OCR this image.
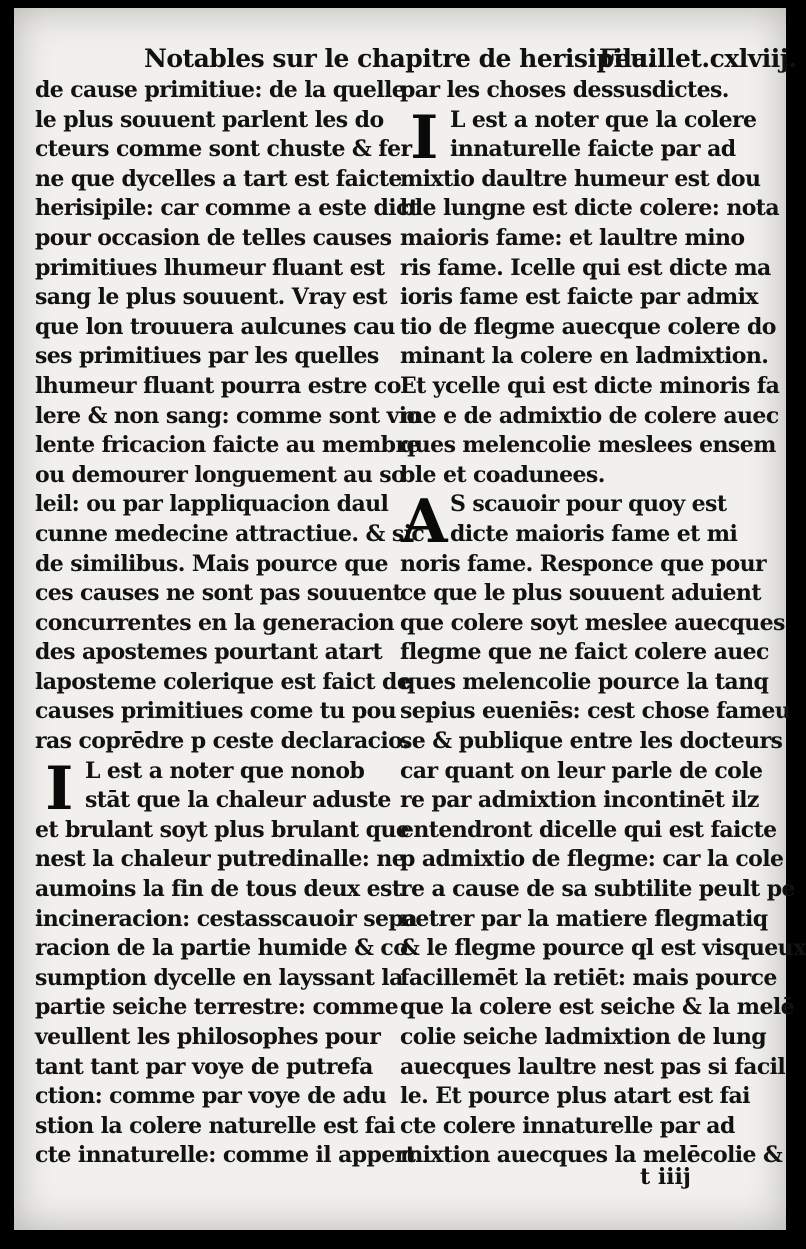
Notables sur le chapitre de herisipila.
Feuillet.cxlviij.
de cause primitiue: de la quelle
le plus souuent parlent les do
cteurs comme sont chuste & fer
ne que dycelles a tart est faicte
herisipile: car comme a este dict
pour occasion de telles causes
primitiues lhumeur fluant est
sang le plus souuent. Vray est
que lon trouuera aulcunes cau
ses primitiues par les quelles
lhumeur fluant pourra estre co
lere & non sang: comme sont vio
lente fricacion faicte au membre
ou demourer longuement au so
leil: ou par lappliquacion daul
cunne medecine attractiue. & sic
de similibus. Mais pource que
ces causes ne sont pas souuent
concurrentes en la generacion
des apostemes pourtant atart
laposteme colerique est faict de
causes primitiues come tu pou
ras coprēdre p ceste declaracio.
L est a noter que nonob
I stāt que la chaleur aduste
et brulant soyt plus brulant que
nest la chaleur putredinalle: ne
aumoins la fin de tous deux est
incineracion: cestasscauoir sepa
racion de la partie humide & co
sumption dycelle en layssant la
partie seiche terrestre: comme
veullent les philosophes pour
tant tant par voye de putrefa
ction: comme par voye de adu
stion la colere naturelle est fai
cte innaturelle: comme il appert
par les choses dessusdictes.
L est a noter que la colere
I innaturelle faicte par ad
mixtio daultre humeur est dou
ble lungne est dicte colere: nota
maioris fame: et laultre mino
ris fame. Icelle qui est dicte ma
ioris fame est faicte par admix
tio de flegme auecque colere do
minant la colere en ladmixtion.
Et ycelle qui est dicte minoris fa
me e de admixtio de colere auec
ques melencolie meslees ensem
ble et coadunees.
S scauoir pour quoy est
A dicte maioris fame et mi
noris fame. Responce que pour
ce que le plus souuent aduient
que colere soyt meslee auecques
flegme que ne faict colere auec
ques melencolie pource la tanq
sepius eueniēs: cest chose fameu
se & publique entre les docteurs
car quant on leur parle de cole
re par admixtion incontinēt ilz
entendront dicelle qui est faicte
p admixtio de flegme: car la cole
re a cause de sa subtilite peult pe
netrer par la matiere flegmatiq
& le flegme pource ql est visqueux
facillemēt la retiēt: mais pource
que la colere est seiche & la melē
colie seiche ladmixtion de lung
auecques laultre nest pas si facil
le. Et pource plus atart est fai
cte colere innaturelle par ad
mixtion auecques la melēcolie &
t iiij
